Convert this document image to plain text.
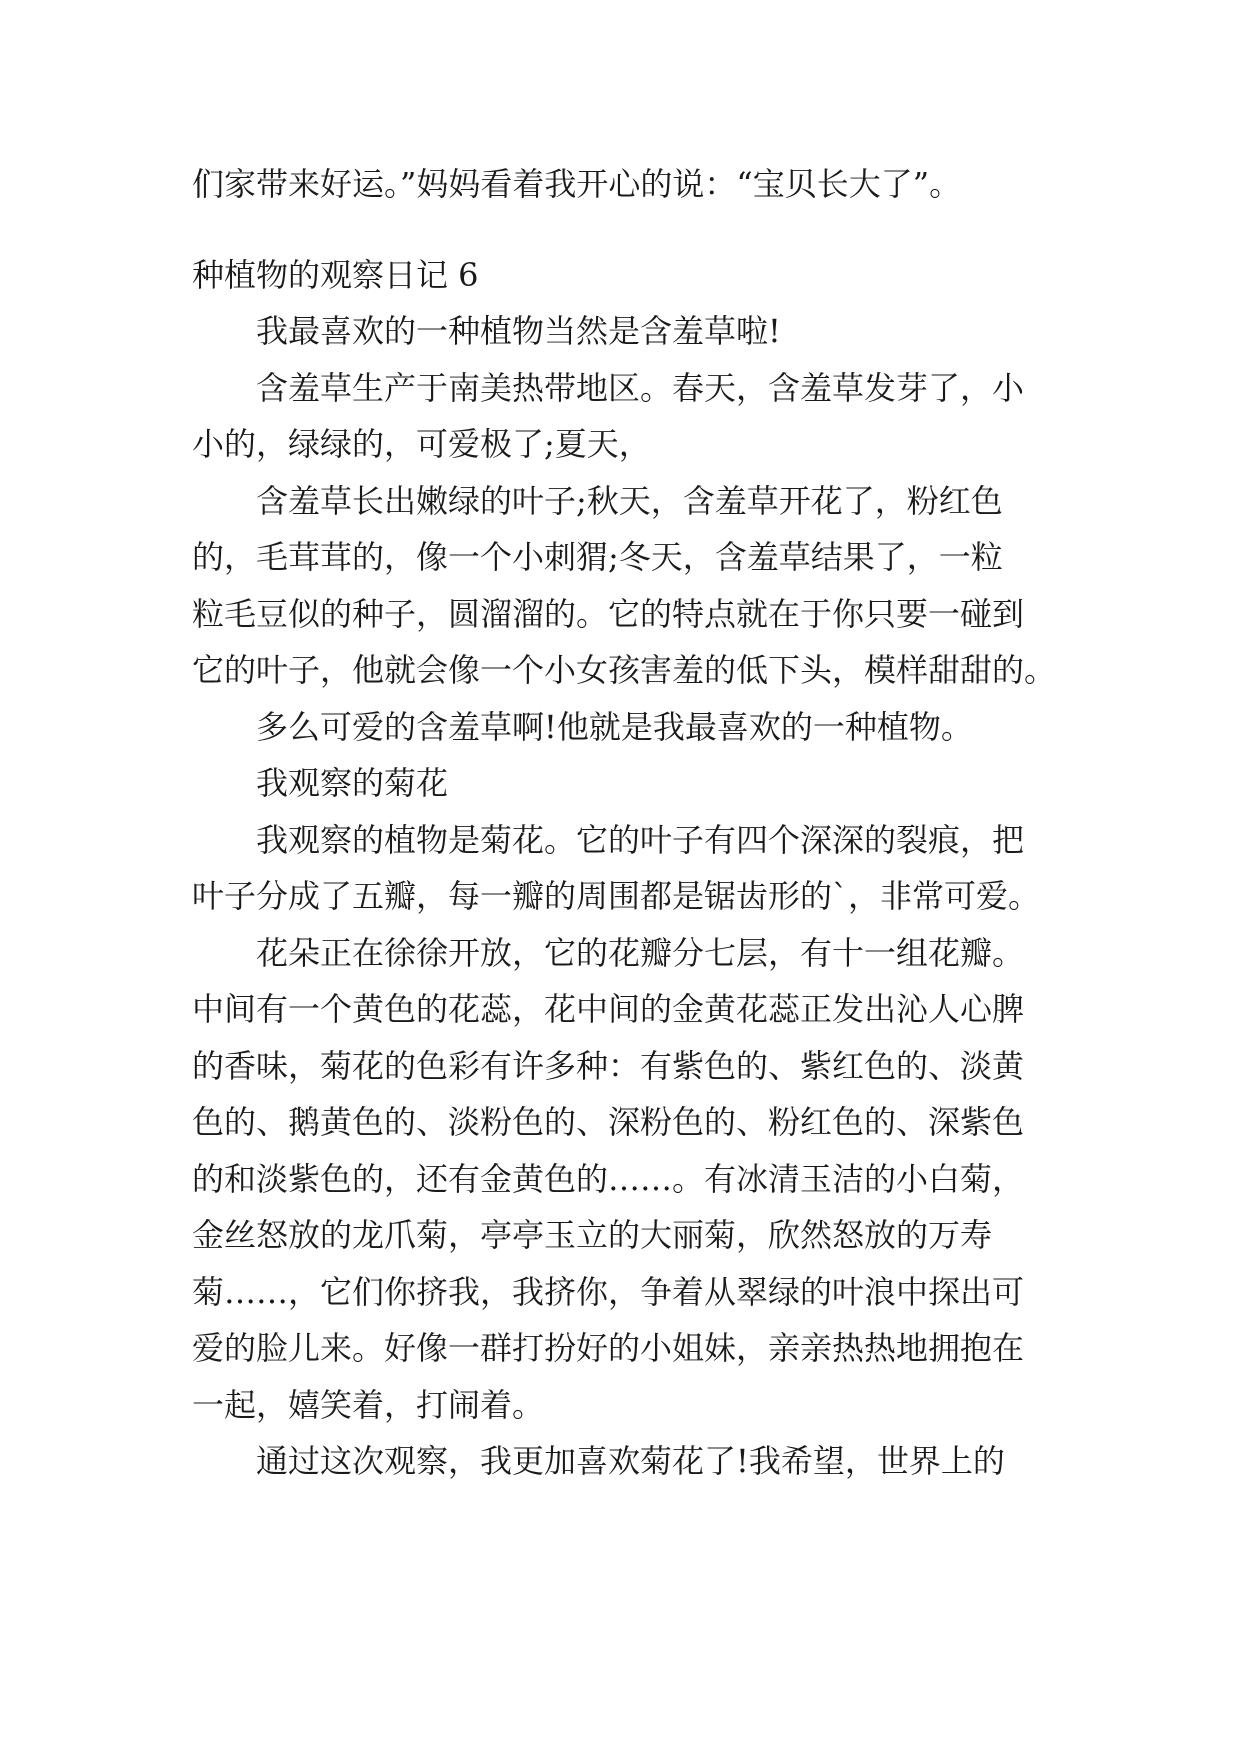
们家带来好运。”妈妈看着我开心的说：“宝贝长大了”。
种植物的观察日记 6
我最喜欢的一种植物当然是含羞草啦!
含羞草生产于南美热带地区。春天，含羞草发芽了，小
小的，绿绿的，可爱极了;夏天，
含羞草长出嫩绿的叶子;秋天，含羞草开花了，粉红色
的，毛茸茸的，像一个小刺猬;冬天，含羞草结果了，一粒
粒毛豆似的种子，圆溜溜的。它的特点就在于你只要一碰到
它的叶子，他就会像一个小女孩害羞的低下头，模样甜甜的。
多么可爱的含羞草啊!他就是我最喜欢的一种植物。
我观察的菊花
我观察的植物是菊花。它的叶子有四个深深的裂痕，把
叶子分成了五瓣，每一瓣的周围都是锯齿形的`，非常可爱。
花朵正在徐徐开放，它的花瓣分七层，有十一组花瓣。
中间有一个黄色的花蕊，花中间的金黄花蕊正发出沁人心脾
的香味，菊花的色彩有许多种：有紫色的、紫红色的、淡黄
色的、鹅黄色的、淡粉色的、深粉色的、粉红色的、深紫色
的和淡紫色的，还有金黄色的……。有冰清玉洁的小白菊，
金丝怒放的龙爪菊，亭亭玉立的大丽菊，欣然怒放的万寿
菊……，它们你挤我，我挤你，争着从翠绿的叶浪中探出可
爱的脸儿来。好像一群打扮好的小姐妹，亲亲热热地拥抱在
一起，嬉笑着，打闹着。
通过这次观察，我更加喜欢菊花了!我希望，世界上的
